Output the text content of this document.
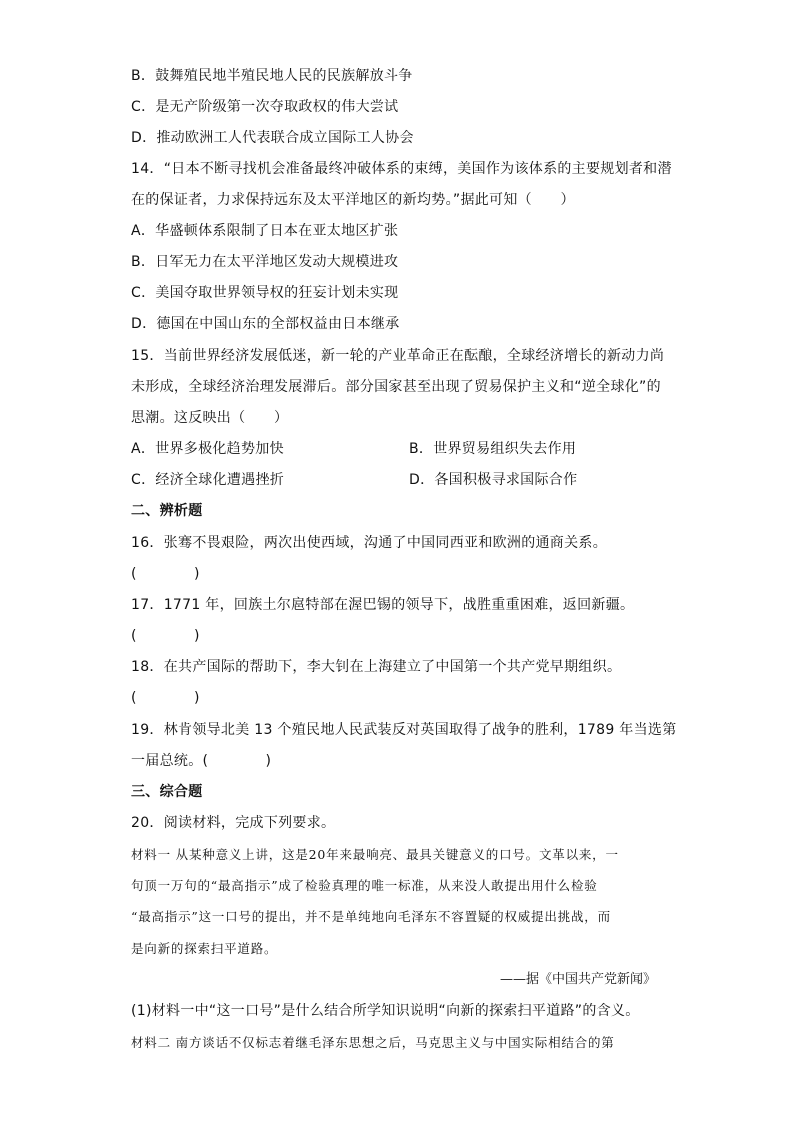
B．鼓舞殖民地半殖民地人民的民族解放斗争
C．是无产阶级第一次夺取政权的伟大尝试
D．推动欧洲工人代表联合成立国际工人协会
14．“日本不断寻找机会准备最终冲破体系的束缚，美国作为该体系的主要规划者和潜
在的保证者，力求保持远东及太平洋地区的新均势。”据此可知（　　）
A．华盛顿体系限制了日本在亚太地区扩张
B．日军无力在太平洋地区发动大规模进攻
C．美国夺取世界领导权的狂妄计划未实现
D．德国在中国山东的全部权益由日本继承
15．当前世界经济发展低迷，新一轮的产业革命正在酝酿，全球经济增长的新动力尚
未形成，全球经济治理发展滞后。部分国家甚至出现了贸易保护主义和“逆全球化”的
思潮。这反映出（　　）
A．世界多极化趋势加快	B．世界贸易组织失去作用
C．经济全球化遭遇挫折	D．各国积极寻求国际合作
二、辨析题
16．张骞不畏艰险，两次出使西域，沟通了中国同西亚和欧洲的通商关系。
(　　　　)
17．1771 年，回族土尔扈特部在渥巴锡的领导下，战胜重重困难，返回新疆。
(　　　　)
18．在共产国际的帮助下，李大钊在上海建立了中国第一个共产党早期组织。
(　　　　)
19．林肯领导北美 13 个殖民地人民武装反对英国取得了战争的胜利，1789 年当选第
一届总统。(　　　　)
三、综合题
20．阅读材料，完成下列要求。
材料一 从某种意义上讲，这是20年来最响亮、最具关键意义的口号。文革以来，一
句顶一万句的“最高指示”成了检验真理的唯一标准，从来没人敢提出用什么检验
“最高指示”这一口号的提出，并不是单纯地向毛泽东不容置疑的权威提出挑战，而
是向新的探索扫平道路。
——据《中国共产党新闻》
(1)材料一中“这一口号”是什么结合所学知识说明“向新的探索扫平道路”的含义。
材料二 南方谈话不仅标志着继毛泽东思想之后，马克思主义与中国实际相结合的第
